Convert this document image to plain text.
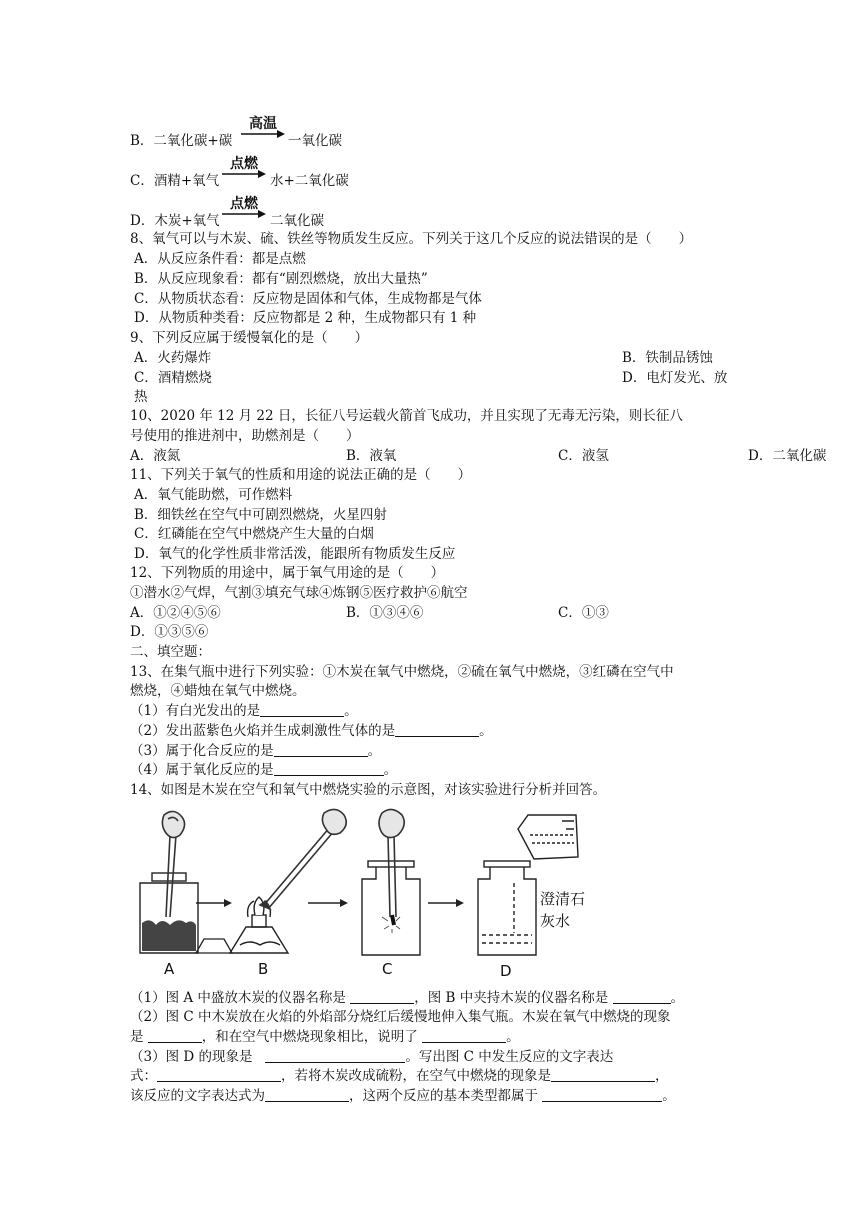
B．二氧化碳+碳
高温
一氧化碳
C．酒精+氧气
点燃
水+二氧化碳
D．木炭+氧气
点燃
二氧化碳
8、氧气可以与木炭、硫、铁丝等物质发生反应。下列关于这几个反应的说法错误的是（　　）
A．从反应条件看：都是点燃
B．从反应现象看：都有“剧烈燃烧，放出大量热”
C．从物质状态看：反应物是固体和气体，生成物都是气体
D．从物质种类看：反应物都是 2 种，生成物都只有 1 种
9、下列反应属于缓慢氧化的是（　　）
A．火药爆炸	B．铁制品锈蚀
C．酒精燃烧	D．电灯发光、放
热
10、2020 年 12 月 22 日，长征八号运载火箭首飞成功，并且实现了无毒无污染，则长征八
号使用的推进剂中，助燃剂是（　　）
A．液氮	B．液氧	C．液氢	D．二氧化碳
11、下列关于氧气的性质和用途的说法正确的是（　　）
A．氧气能助燃，可作燃料
B．细铁丝在空气中可剧烈燃烧，火星四射
C．红磷能在空气中燃烧产生大量的白烟
D．氧气的化学性质非常活泼，能跟所有物质发生反应
12、下列物质的用途中，属于氧气用途的是（　　）
①潜水②气焊，气割③填充气球④炼钢⑤医疗救护⑥航空
A．①②④⑤⑥	B．①③④⑥	C．①③
D．①③⑤⑥
二、填空题：
13、在集气瓶中进行下列实验：①木炭在氧气中燃烧，②硫在氧气中燃烧，③红磷在空气中
燃烧，④蜡烛在氧气中燃烧。
（1）有白光发出的是	。
（2）发出蓝紫色火焰并生成刺激性气体的是	。
（3）属于化合反应的是	。
（4）属于氧化反应的是	。
14、如图是木炭在空气和氧气中燃烧实验的示意图，对该实验进行分析并回答。
A	B	C	D
澄清石
灰水
（1）图 A 中盛放木炭的仪器名称是	，图 B 中夹持木炭的仪器名称是	。
（2）图 C 中木炭放在火焰的外焰部分烧红后缓慢地伸入集气瓶。木炭在氧气中燃烧的现象
是	，和在空气中燃烧现象相比，说明了	。
（3）图 D 的现象是	。写出图 C 中发生反应的文字表达
式：	，若将木炭改成硫粉，在空气中燃烧的现象是	，
该反应的文字表达式为	，这两个反应的基本类型都属于	。
